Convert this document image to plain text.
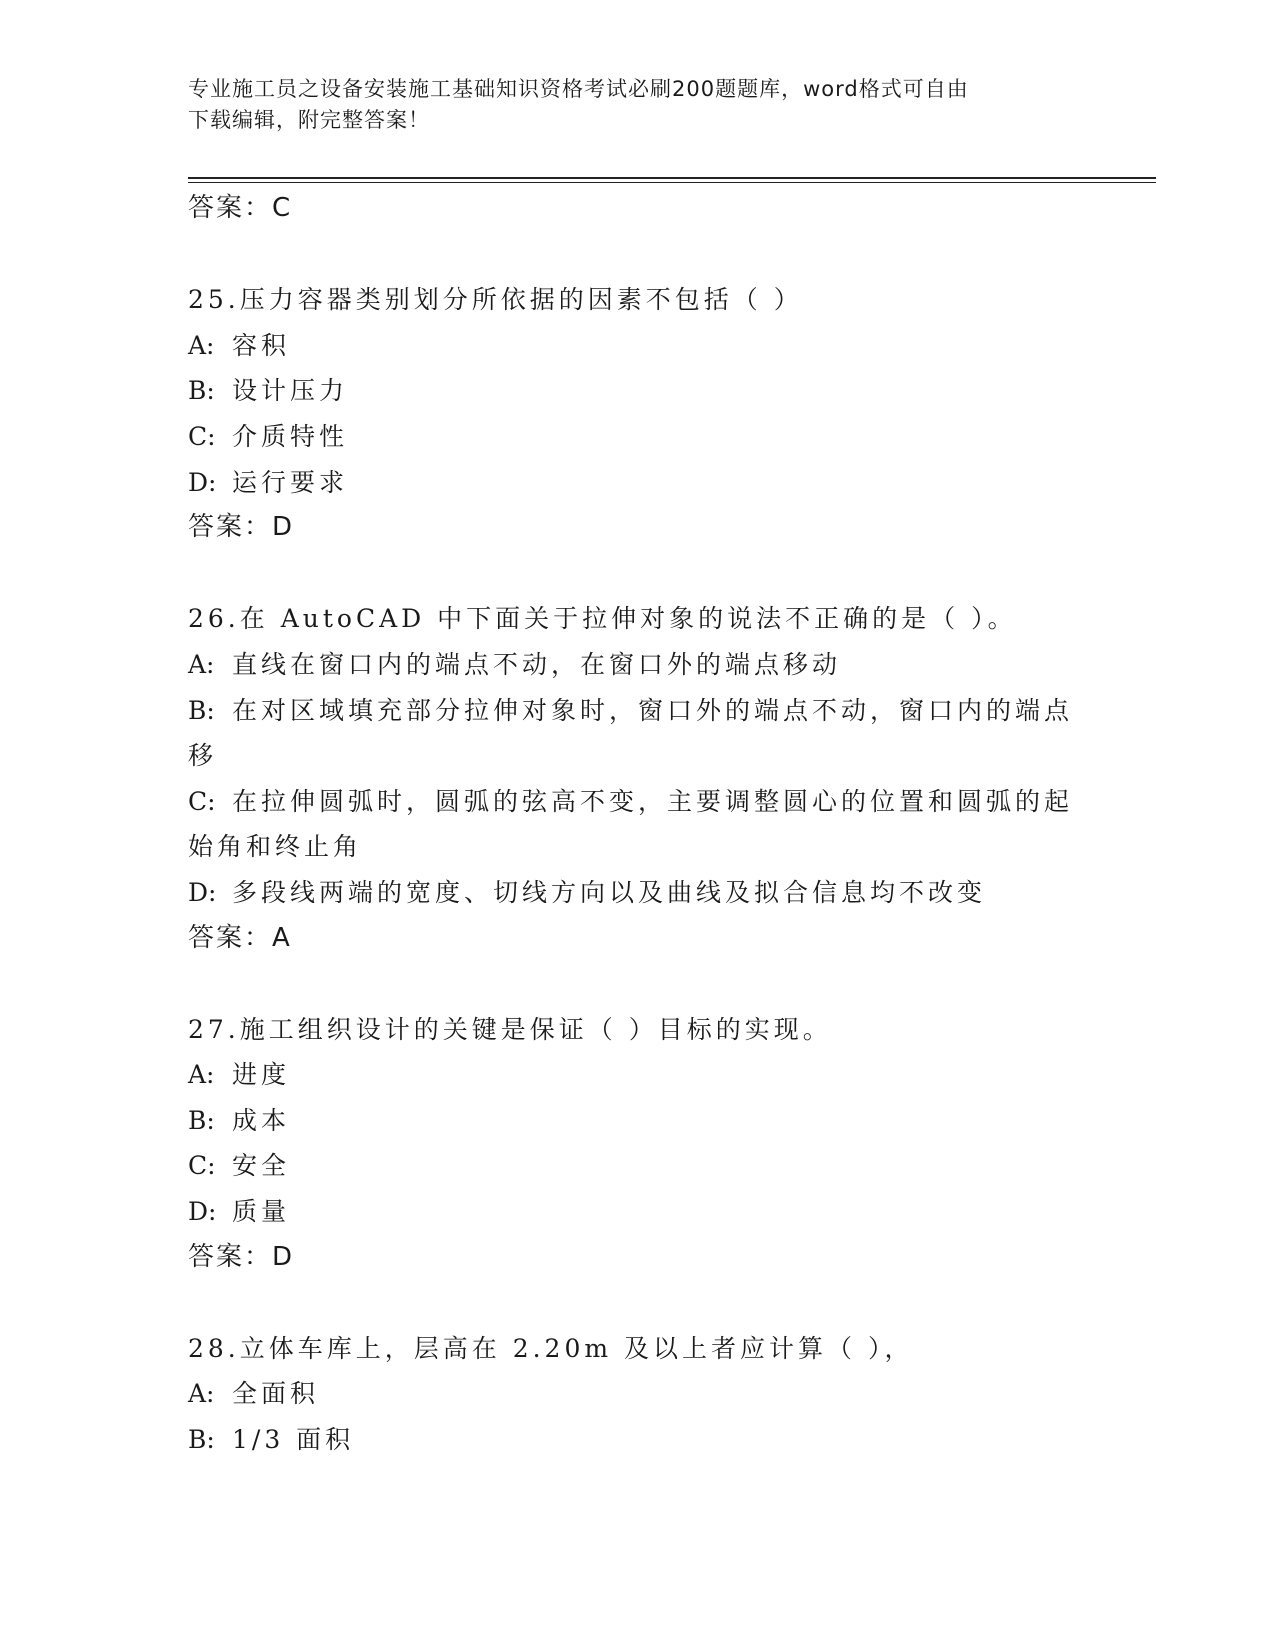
专业施工员之设备安装施工基础知识资格考试必刷200题题库，word格式可自由
下载编辑，附完整答案！
答案：C
25.压力容器类别划分所依据的因素不包括（ ）
A: 容积
B: 设计压力
C: 介质特性
D: 运行要求
答案：D
26.在 AutoCAD 中下面关于拉伸对象的说法不正确的是（ ）。
A: 直线在窗口内的端点不动，在窗口外的端点移动
B: 在对区域填充部分拉伸对象时，窗口外的端点不动，窗口内的端点
移
C: 在拉伸圆弧时，圆弧的弦高不变，主要调整圆心的位置和圆弧的起
始角和终止角
D: 多段线两端的宽度、切线方向以及曲线及拟合信息均不改变
答案：A
27.施工组织设计的关键是保证（ ）目标的实现。
A: 进度
B: 成本
C: 安全
D: 质量
答案：D
28.立体车库上，层高在 2.20m 及以上者应计算（ ），
A: 全面积
B: 1/3 面积
